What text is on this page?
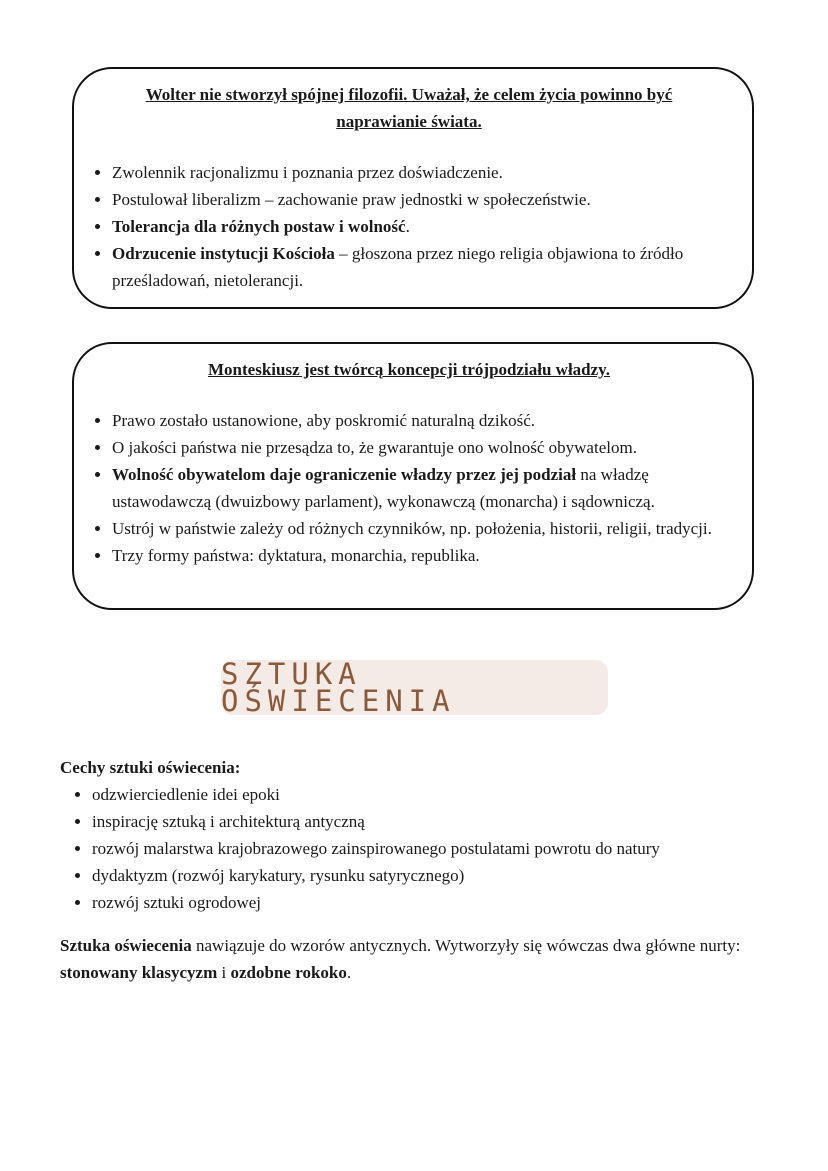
Wolter nie stworzył spójnej filozofii. Uważał, że celem życia powinno być naprawianie świata.

• Zwolennik racjonalizmu i poznania przez doświadczenie.
• Postulował liberalizm – zachowanie praw jednostki w społeczeństwie.
• Tolerancja dla różnych postaw i wolność.
• Odrzucenie instytucji Kościoła – głoszona przez niego religia objawiona to źródło prześladowań, nietolerancji.

Monteskiusz jest twórcą koncepcji trójpodziału władzy.

• Prawo zostało ustanowione, aby poskromić naturalną dzikość.
• O jakości państwa nie przesądza to, że gwarantuje ono wolność obywatelom.
• Wolność obywatelom daje ograniczenie władzy przez jej podział na władzę ustawodawczą (dwuizbowy parlament), wykonawczą (monarcha) i sądowniczą.
• Ustrój w państwie zależy od różnych czynników, np. położenia, historii, religii, tradycji.
• Trzy formy państwa: dyktatura, monarchia, republika.
SZTUKA OŚWIECENIA

Cechy sztuki oświecenia:

• odzwierciedlenie idei epoki
• inspirację sztuką i architekturą antyczną
• rozwój malarstwa krajobrazowego zainspirowanego postulatami powrotu do natury
• dydaktyzm (rozwój karykatury, rysunku satyrycznego)
• rozwój sztuki ogrodowej

Sztuka oświecenia nawiązuje do wzorów antycznych. Wytworzyły się wówczas dwa główne nurty: stonowany klasycyzm i ozdobne rokoko.
